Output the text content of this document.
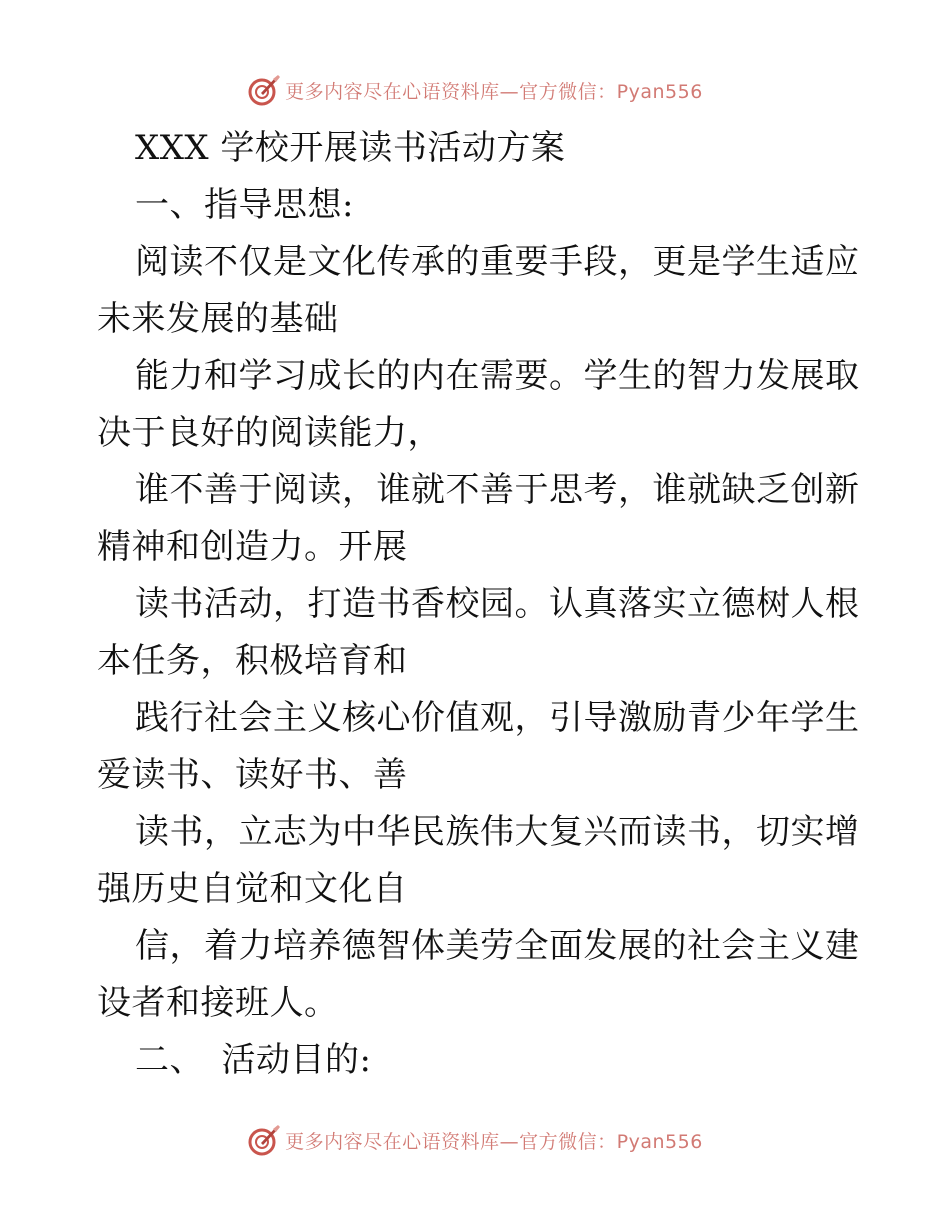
更多内容尽在心语资料库—官方微信：Pyan556
XXX 学校开展读书活动方案
一、指导思想:
阅读不仅是文化传承的重要手段，更是学生适应
未来发展的基础
能力和学习成长的内在需要。学生的智力发展取
决于良好的阅读能力，
谁不善于阅读，谁就不善于思考，谁就缺乏创新
精神和创造力。开展
读书活动，打造书香校园。认真落实立德树人根
本任务，积极培育和
践行社会主义核心价值观，引导激励青少年学生
爱读书、读好书、善
读书，立志为中华民族伟大复兴而读书，切实增
强历史自觉和文化自
信，着力培养德智体美劳全面发展的社会主义建
设者和接班人。
二、　活动目的:
更多内容尽在心语资料库—官方微信：Pyan556
